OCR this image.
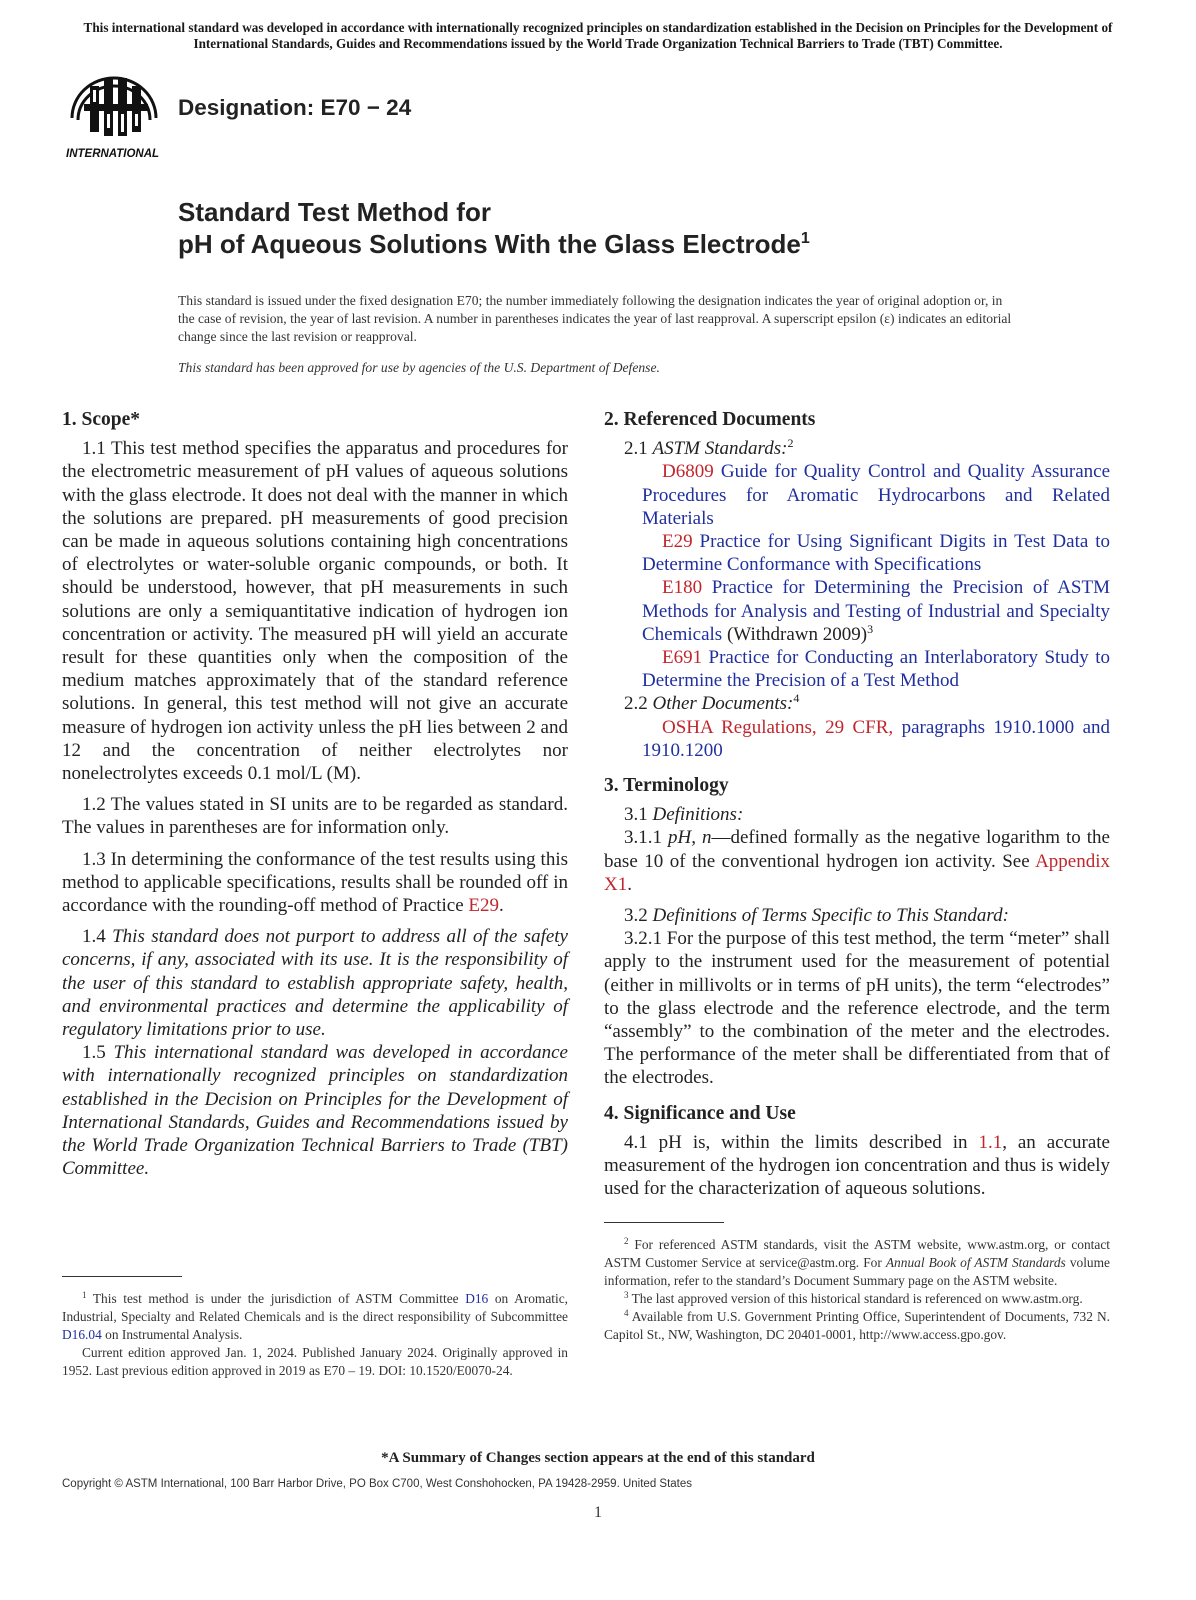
This international standard was developed in accordance with internationally recognized principles on standardization established in the Decision on Principles for the Development of International Standards, Guides and Recommendations issued by the World Trade Organization Technical Barriers to Trade (TBT) Committee.
INTERNATIONAL
Designation: E70 − 24
Standard Test Method for
pH of Aqueous Solutions With the Glass Electrode$^1$
This standard is issued under the fixed designation E70; the number immediately following the designation indicates the year of original adoption or, in the case of revision, the year of last revision. A number in parentheses indicates the year of last reapproval. A superscript epsilon (ε) indicates an editorial change since the last revision or reapproval.
This standard has been approved for use by agencies of the U.S. Department of Defense.
1. Scope*

1.1 This test method specifies the apparatus and procedures for the electrometric measurement of pH values of aqueous solutions with the glass electrode. It does not deal with the manner in which the solutions are prepared. pH measurements of good precision can be made in aqueous solutions containing high concentrations of electrolytes or water-soluble organic compounds, or both. It should be understood, however, that pH measurements in such solutions are only a semiquantitative indication of hydrogen ion concentration or activity. The measured pH will yield an accurate result for these quantities only when the composition of the medium matches approximately that of the standard reference solutions. In general, this test method will not give an accurate measure of hydrogen ion activity unless the pH lies between 2 and 12 and the concentration of neither electrolytes nor nonelectrolytes exceeds 0.1 mol/L (M).

1.2 The values stated in SI units are to be regarded as standard. The values in parentheses are for information only.

1.3 In determining the conformance of the test results using this method to applicable specifications, results shall be rounded off in accordance with the rounding-off method of Practice E29.

1.4 This standard does not purport to address all of the safety concerns, if any, associated with its use. It is the responsibility of the user of this standard to establish appropriate safety, health, and environmental practices and determine the applicability of regulatory limitations prior to use.

1.5 This international standard was developed in accordance with internationally recognized principles on standardization established in the Decision on Principles for the Development of International Standards, Guides and Recommendations issued by the World Trade Organization Technical Barriers to Trade (TBT) Committee.

2. Referenced Documents

2.1 ASTM Standards:$^2$

D6809 Guide for Quality Control and Quality Assurance Procedures for Aromatic Hydrocarbons and Related Materials

E29 Practice for Using Significant Digits in Test Data to Determine Conformance with Specifications

E180 Practice for Determining the Precision of ASTM Methods for Analysis and Testing of Industrial and Specialty Chemicals (Withdrawn 2009)$^3$

E691 Practice for Conducting an Interlaboratory Study to Determine the Precision of a Test Method

2.2 Other Documents:$^4$

OSHA Regulations, 29 CFR, paragraphs 1910.1000 and 1910.1200

3. Terminology

3.1 Definitions:

3.1.1 pH, n—defined formally as the negative logarithm to the base 10 of the conventional hydrogen ion activity. See Appendix X1.

3.2 Definitions of Terms Specific to This Standard:

3.2.1 For the purpose of this test method, the term “meter” shall apply to the instrument used for the measurement of potential (either in millivolts or in terms of pH units), the term “electrodes” to the glass electrode and the reference electrode, and the term “assembly” to the combination of the meter and the electrodes. The performance of the meter shall be differentiated from that of the electrodes.

4. Significance and Use

4.1 pH is, within the limits described in 1.1, an accurate measurement of the hydrogen ion concentration and thus is widely used for the characterization of aqueous solutions.

$^1$ This test method is under the jurisdiction of ASTM Committee D16 on Aromatic, Industrial, Specialty and Related Chemicals and is the direct responsibility of Subcommittee D16.04 on Instrumental Analysis.

Current edition approved Jan. 1, 2024. Published January 2024. Originally approved in 1952. Last previous edition approved in 2019 as E70 – 19. DOI: 10.1520/E0070-24.

$^2$ For referenced ASTM standards, visit the ASTM website, www.astm.org, or contact ASTM Customer Service at service@astm.org. For Annual Book of ASTM Standards volume information, refer to the standard’s Document Summary page on the ASTM website.

$^3$ The last approved version of this historical standard is referenced on www.astm.org.

$^4$ Available from U.S. Government Printing Office, Superintendent of Documents, 732 N. Capitol St., NW, Washington, DC 20401-0001, http://www.access.gpo.gov.

*A Summary of Changes section appears at the end of this standard
Copyright © ASTM International, 100 Barr Harbor Drive, PO Box C700, West Conshohocken, PA 19428-2959. United States
1
